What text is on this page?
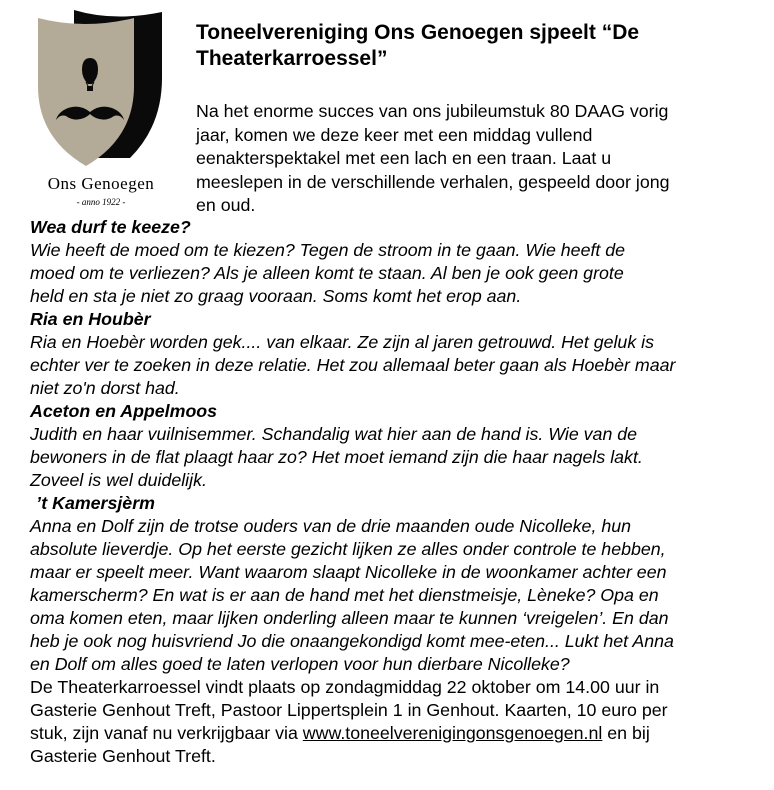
Ons Genoegen
- anno 1922 -
Toneelvereniging Ons Genoegen sjpeelt “De
Theaterkarroessel”

Na het enorme succes van ons jubileumstuk 80 DAAG vorig
jaar, komen we deze keer met een middag vullend
eenakterspektakel met een lach en een traan. Laat u
meeslepen in de verschillende verhalen, gespeeld door jong
en oud.

Wea durf te keeze?
Wie heeft de moed om te kiezen? Tegen de stroom in te gaan. Wie heeft de
moed om te verliezen? Als je alleen komt te staan. Al ben je ook geen grote
held en sta je niet zo graag vooraan. Soms komt het erop aan.
Ria en Houbèr
Ria en Hoebèr worden gek.... van elkaar. Ze zijn al jaren getrouwd. Het geluk is
echter ver te zoeken in deze relatie. Het zou allemaal beter gaan als Hoebèr maar
niet zo'n dorst had.
Aceton en Appelmoos
Judith en haar vuilnisemmer. Schandalig wat hier aan de hand is. Wie van de
bewoners in de flat plaagt haar zo? Het moet iemand zijn die haar nagels lakt.
Zoveel is wel duidelijk.
’t Kamersjèrm
Anna en Dolf zijn de trotse ouders van de drie maanden oude Nicolleke, hun
absolute lieverdje. Op het eerste gezicht lijken ze alles onder controle te hebben,
maar er speelt meer. Want waarom slaapt Nicolleke in de woonkamer achter een
kamerscherm? En wat is er aan de hand met het dienstmeisje, Lèneke? Opa en
oma komen eten, maar lijken onderling alleen maar te kunnen ‘vreigelen’. En dan
heb je ook nog huisvriend Jo die onaangekondigd komt mee-eten... Lukt het Anna
en Dolf om alles goed te laten verlopen voor hun dierbare Nicolleke?
De Theaterkarroessel vindt plaats op zondagmiddag 22 oktober om 14.00 uur in
Gasterie Genhout Treft, Pastoor Lippertsplein 1 in Genhout. Kaarten, 10 euro per
stuk, zijn vanaf nu verkrijgbaar via www.toneelverenigingonsgenoegen.nl en bij
Gasterie Genhout Treft.
